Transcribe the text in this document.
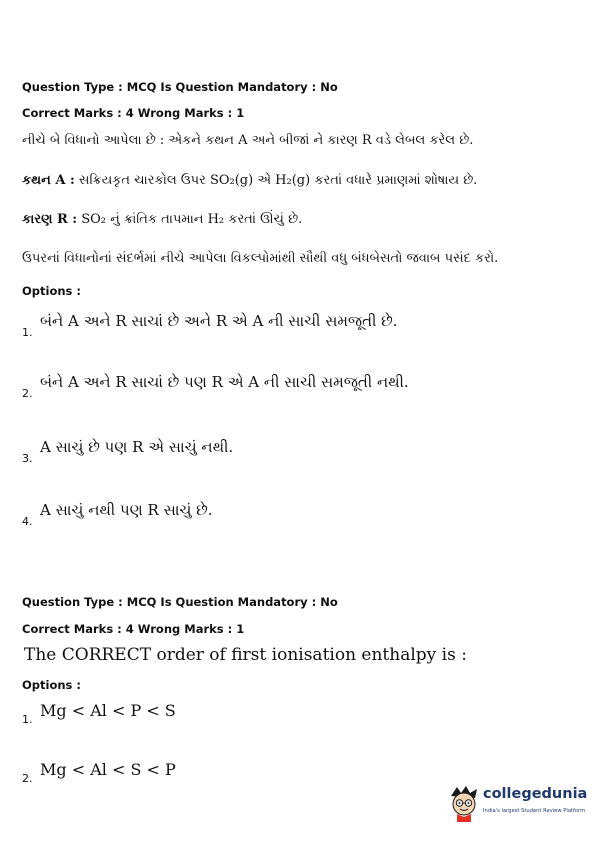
Question Type : MCQ Is Question Mandatory : No
Correct Marks : 4 Wrong Marks : 1
નીચે બે વિધાનો આપેલા છે : એકને કથન A અને બીજાં ને કારણ R વડે લેબલ કરેલ છે.
કથન A : સક્રિયકૃત ચારકોલ ઉપર SO₂(g) એ H₂(g) કરતાં વધારે પ્રમાણમાં શોષાય છે.
કારણ R : SO₂ નું ક્રાંતિક તાપમાન H₂ કરતાં ઊંચું છે.
ઉપરનાં વિધાનોનાં સંદર્ભમાં નીચે આપેલા વિકલ્પોમાંથી સૌથી વધુ બંધબેસતો જવાબ પસંદ કરો.
Options :
બંને A અને R સાચાં છે અને R એ A ની સાચી સમજૂતી છે.
1.
બંને A અને R સાચાં છે પણ R એ A ની સાચી સમજૂતી નથી.
2.
A સાચું છે પણ R એ સાચું નથી.
3.
A સાચું નથી પણ R સાચું છે.
4.
Question Type : MCQ Is Question Mandatory : No
Correct Marks : 4 Wrong Marks : 1
The CORRECT order of first ionisation enthalpy is :
Options :
Mg < Al < P < S
1.
Mg < Al < S < P
2.
collegedunia
India's largest Student Review Platform
